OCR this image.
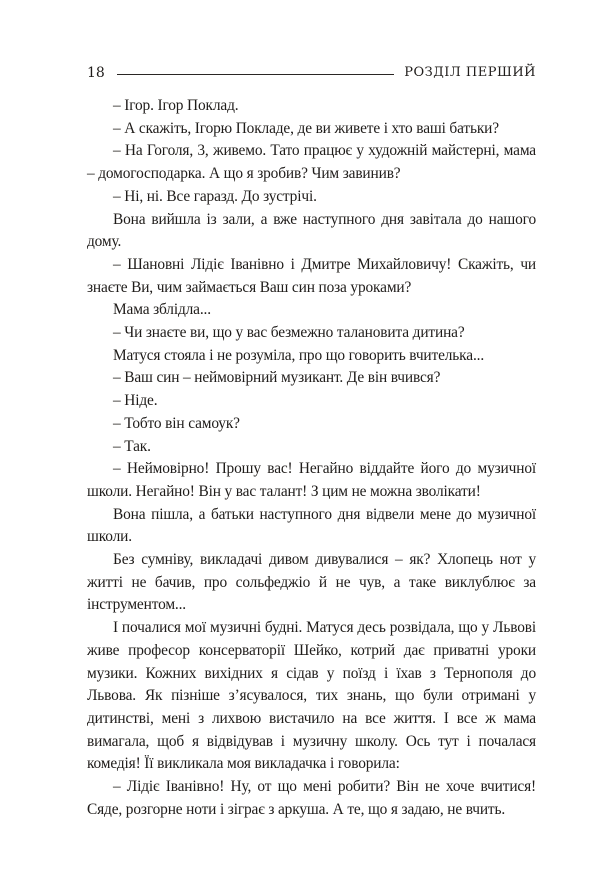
18	РОЗДІЛ ПЕРШИЙ

– Ігор. Ігор Поклад.

– А скажіть, Ігорю Покладе, де ви живете і хто ваші батьки?

– На Гоголя, 3, живемо. Тато працює у художній майстерні, мама – домогосподарка. А що я зробив? Чим завинив?

– Ні, ні. Все гаразд. До зустрічі.

Вона вийшла із зали, а вже наступного дня завітала до нашого дому.

– Шановні Лідіє Іванівно і Дмитре Михайловичу! Скажіть, чи знаєте Ви, чим займається Ваш син поза уроками?

Мама зблідла...

– Чи знаєте ви, що у вас безмежно талановита дитина?

Матуся стояла і не розуміла, про що говорить вчителька...

– Ваш син – неймовірний музикант. Де він вчився?

– Ніде.

– Тобто він самоук?

– Так.

– Неймовірно! Прошу вас! Негайно віддайте його до музичної школи. Негайно! Він у вас талант! З цим не можна зволікати!

Вона пішла, а батьки наступного дня відвели мене до музичної школи.

Без сумніву, викладачі дивом дивувалися – як? Хлопець нот у житті не бачив, про сольфеджіо й не чув, а таке виклублює за інструментом...

І почалися мої музичні будні. Матуся десь розвідала, що у Львові живе професор консерваторії Шейко, котрий дає приватні уроки музики. Кожних вихідних я сідав у поїзд і їхав з Тернополя до Львова. Як пізніше з’ясувалося, тих знань, що були отримані у дитинстві, мені з лихвою вистачило на все життя. І все ж мама вимагала, щоб я відвідував і музичну школу. Ось тут і почалася комедія! Її викликала моя викладачка і говорила:

– Лідіє Іванівно! Ну, от що мені робити? Він не хоче вчитися! Сяде, розгорне ноти і зіграє з аркуша. А те, що я задаю, не вчить.
